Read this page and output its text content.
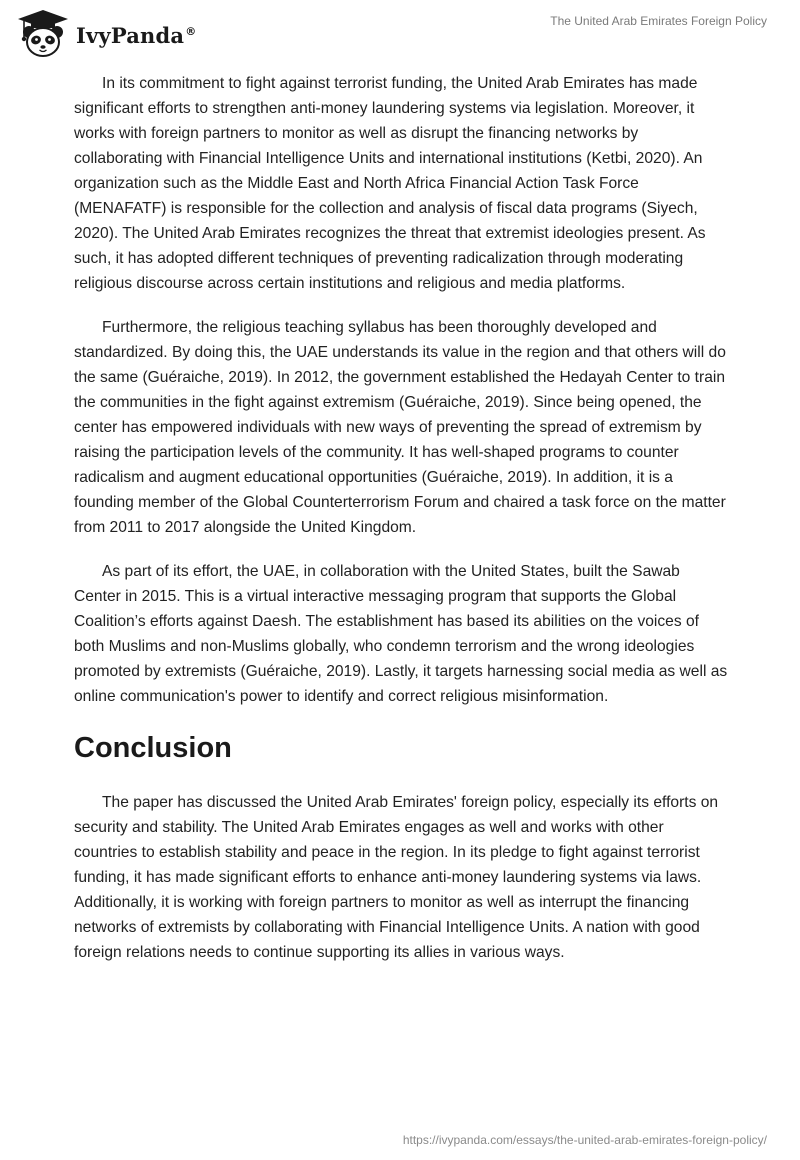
IvyPanda®
The United Arab Emirates Foreign Policy

In its commitment to fight against terrorist funding, the United Arab Emirates has made significant efforts to strengthen anti-money laundering systems via legislation. Moreover, it works with foreign partners to monitor as well as disrupt the financing networks by collaborating with Financial Intelligence Units and international institutions (Ketbi, 2020). An organization such as the Middle East and North Africa Financial Action Task Force (MENAFATF) is responsible for the collection and analysis of fiscal data programs (Siyech, 2020). The United Arab Emirates recognizes the threat that extremist ideologies present. As such, it has adopted different techniques of preventing radicalization through moderating religious discourse across certain institutions and religious and media platforms.

Furthermore, the religious teaching syllabus has been thoroughly developed and standardized. By doing this, the UAE understands its value in the region and that others will do the same (Guéraiche, 2019). In 2012, the government established the Hedayah Center to train the communities in the fight against extremism (Guéraiche, 2019). Since being opened, the center has empowered individuals with new ways of preventing the spread of extremism by raising the participation levels of the community. It has well-shaped programs to counter radicalism and augment educational opportunities (Guéraiche, 2019). In addition, it is a founding member of the Global Counterterrorism Forum and chaired a task force on the matter from 2011 to 2017 alongside the United Kingdom.

As part of its effort, the UAE, in collaboration with the United States, built the Sawab Center in 2015. This is a virtual interactive messaging program that supports the Global Coalition’s efforts against Daesh. The establishment has based its abilities on the voices of both Muslims and non-Muslims globally, who condemn terrorism and the wrong ideologies promoted by extremists (Guéraiche, 2019). Lastly, it targets harnessing social media as well as online communication's power to identify and correct religious misinformation.

Conclusion

The paper has discussed the United Arab Emirates' foreign policy, especially its efforts on security and stability. The United Arab Emirates engages as well and works with other countries to establish stability and peace in the region. In its pledge to fight against terrorist funding, it has made significant efforts to enhance anti-money laundering systems via laws. Additionally, it is working with foreign partners to monitor as well as interrupt the financing networks of extremists by collaborating with Financial Intelligence Units. A nation with good foreign relations needs to continue supporting its allies in various ways.

https://ivypanda.com/essays/the-united-arab-emirates-foreign-policy/
